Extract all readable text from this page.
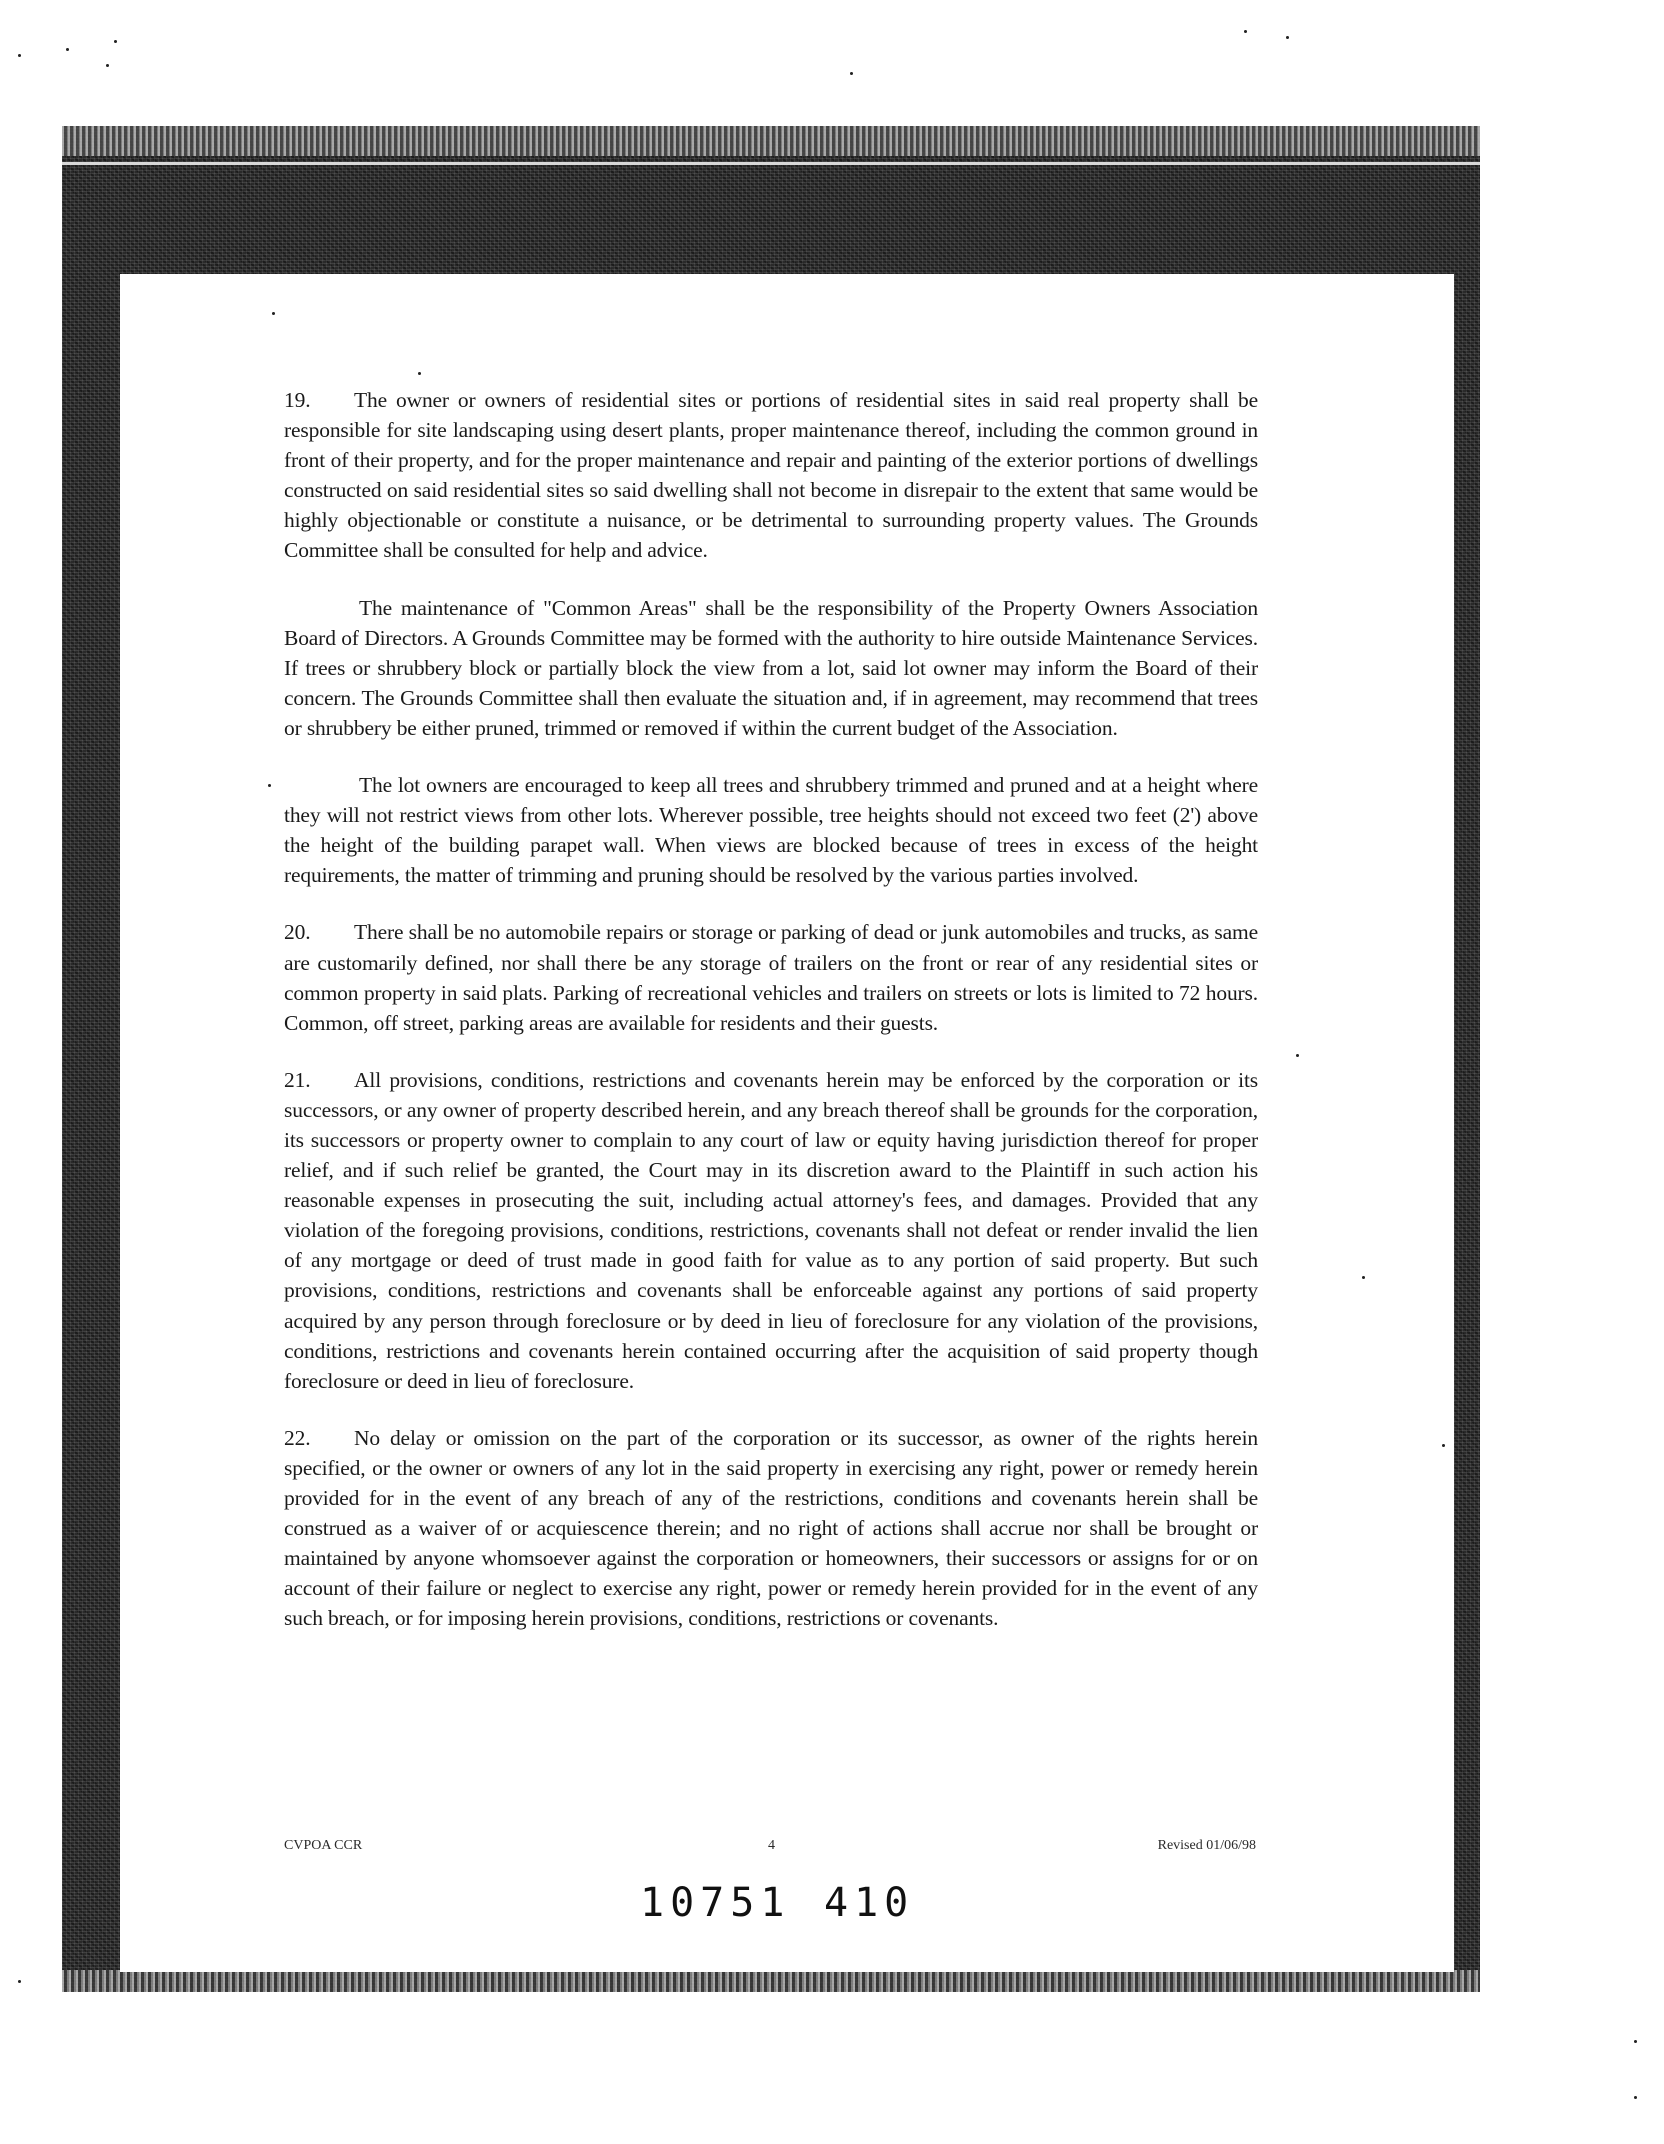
19. The owner or owners of residential sites or portions of residential sites in said real property shall be responsible for site landscaping using desert plants, proper maintenance thereof, including the common ground in front of their property, and for the proper maintenance and repair and painting of the exterior portions of dwellings constructed on said residential sites so said dwelling shall not become in disrepair to the extent that same would be highly objectionable or constitute a nuisance, or be detrimental to surrounding property values. The Grounds Committee shall be consulted for help and advice.

The maintenance of "Common Areas" shall be the responsibility of the Property Owners Association Board of Directors. A Grounds Committee may be formed with the authority to hire outside Maintenance Services. If trees or shrubbery block or partially block the view from a lot, said lot owner may inform the Board of their concern. The Grounds Committee shall then evaluate the situation and, if in agreement, may recommend that trees or shrubbery be either pruned, trimmed or removed if within the current budget of the Association.

The lot owners are encouraged to keep all trees and shrubbery trimmed and pruned and at a height where they will not restrict views from other lots. Wherever possible, tree heights should not exceed two feet (2') above the height of the building parapet wall. When views are blocked because of trees in excess of the height requirements, the matter of trimming and pruning should be resolved by the various parties involved.

20. There shall be no automobile repairs or storage or parking of dead or junk automobiles and trucks, as same are customarily defined, nor shall there be any storage of trailers on the front or rear of any residential sites or common property in said plats. Parking of recreational vehicles and trailers on streets or lots is limited to 72 hours. Common, off street, parking areas are available for residents and their guests.

21. All provisions, conditions, restrictions and covenants herein may be enforced by the corporation or its successors, or any owner of property described herein, and any breach thereof shall be grounds for the corporation, its successors or property owner to complain to any court of law or equity having jurisdiction thereof for proper relief, and if such relief be granted, the Court may in its discretion award to the Plaintiff in such action his reasonable expenses in prosecuting the suit, including actual attorney's fees, and damages. Provided that any violation of the foregoing provisions, conditions, restrictions, covenants shall not defeat or render invalid the lien of any mortgage or deed of trust made in good faith for value as to any portion of said property. But such provisions, conditions, restrictions and covenants shall be enforceable against any portions of said property acquired by any person through foreclosure or by deed in lieu of foreclosure for any violation of the provisions, conditions, restrictions and covenants herein contained occurring after the acquisition of said property though foreclosure or deed in lieu of foreclosure.

22. No delay or omission on the part of the corporation or its successor, as owner of the rights herein specified, or the owner or owners of any lot in the said property in exercising any right, power or remedy herein provided for in the event of any breach of any of the restrictions, conditions and covenants herein shall be construed as a waiver of or acquiescence therein; and no right of actions shall accrue nor shall be brought or maintained by anyone whomsoever against the corporation or homeowners, their successors or assigns for or on account of their failure or neglect to exercise any right, power or remedy herein provided for in the event of any such breach, or for imposing herein provisions, conditions, restrictions or covenants.

CVPOA CCR	4	Revised 01/06/98
10751 410
